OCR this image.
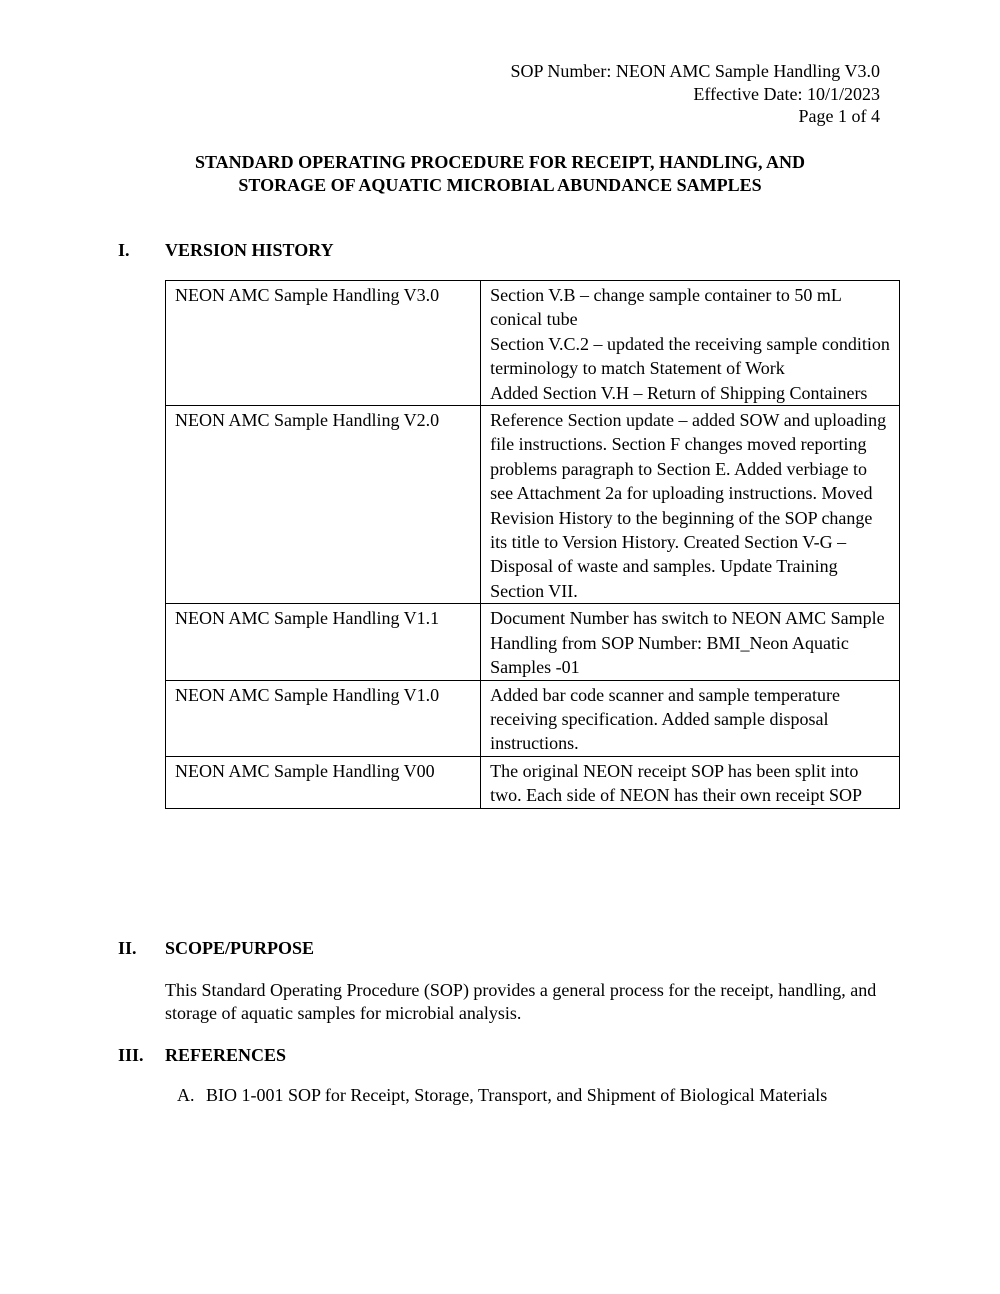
SOP Number: NEON AMC Sample Handling V3.0
Effective Date: 10/1/2023
Page 1 of 4
STANDARD OPERATING PROCEDURE FOR RECEIPT, HANDLING, AND
STORAGE OF AQUATIC MICROBIAL ABUNDANCE SAMPLES
I. VERSION HISTORY
NEON AMC Sample Handling V3.0	Section V.B – change sample container to 50 mL conical tube
Section V.C.2 – updated the receiving sample condition terminology to match Statement of Work
Added Section V.H – Return of Shipping Containers

NEON AMC Sample Handling V2.0	Reference Section update – added SOW and uploading file instructions. Section F changes moved reporting problems paragraph to Section E. Added verbiage to see Attachment 2a for uploading instructions. Moved Revision History to the beginning of the SOP change its title to Version History. Created Section V-G – Disposal of waste and samples. Update Training Section VII.

NEON AMC Sample Handling V1.1	Document Number has switch to NEON AMC Sample Handling from SOP Number: BMI_Neon Aquatic Samples -01

NEON AMC Sample Handling V1.0	Added bar code scanner and sample temperature receiving specification. Added sample disposal instructions.

NEON AMC Sample Handling V00	The original NEON receipt SOP has been split into two. Each side of NEON has their own receipt SOP
II. SCOPE/PURPOSE

This Standard Operating Procedure (SOP) provides a general process for the receipt, handling, and storage of aquatic samples for microbial analysis.

III. REFERENCES
A. BIO 1-001 SOP for Receipt, Storage, Transport, and Shipment of Biological Materials
